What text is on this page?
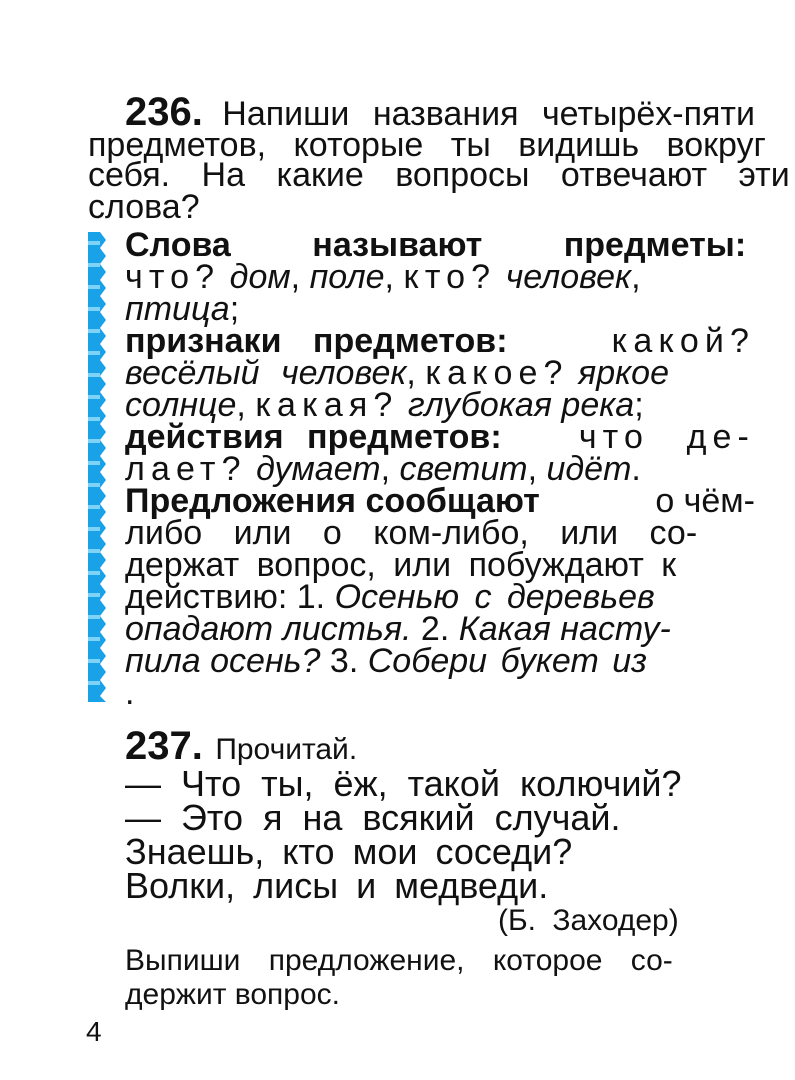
236. Напиши названия четырёх-пяти
предметов, которые ты видишь вокруг
себя. На какие вопросы отвечают эти
слова?
Слова называют предметы:
что? дом, поле, кто? человек,
птица;
признаки предметов:	какой?
весёлый человек, какое? яркое
солнце, какая? глубокая река;
действия предметов: что де-
лает? думает, светит, идёт.
Предложения сообщают	о чём-
либо или о ком-либо, или со-
держат вопрос, или побуждают к
действию: 1. Осенью с деревьев
опадают листья. 2. Какая насту-
пила осень? 3. Собери букет из
.
237. Прочитай.
— Что ты, ёж, такой колючий?
— Это я на всякий случай.
Знаешь, кто мои соседи?
Волки, лисы и медведи.
(Б. Заходер)
Выпиши предложение, которое со-
держит вопрос.
4
